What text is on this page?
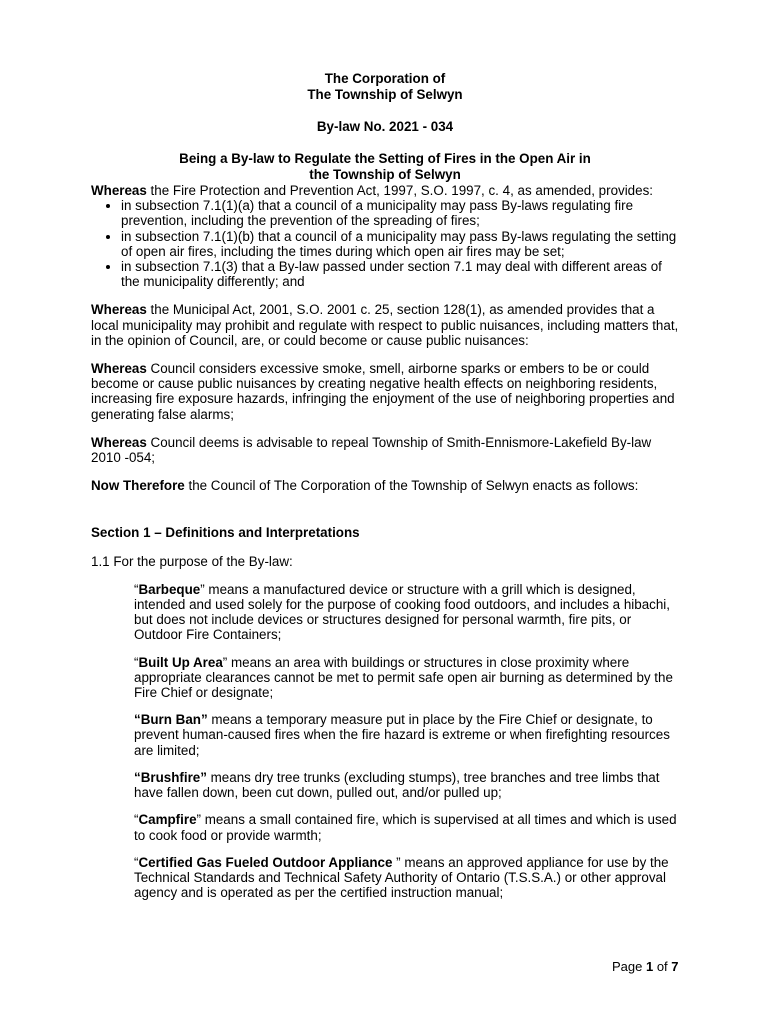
The Corporation of
The Township of Selwyn
By-law No. 2021 - 034
Being a By-law to Regulate the Setting of Fires in the Open Air in
the Township of Selwyn

Whereas the Fire Protection and Prevention Act, 1997, S.O. 1997, c. 4, as amended, provides:

• in subsection 7.1(1)(a) that a council of a municipality may pass By-laws regulating fire prevention, including the prevention of the spreading of fires;
• in subsection 7.1(1)(b) that a council of a municipality may pass By-laws regulating the setting of open air fires, including the times during which open air fires may be set;
• in subsection 7.1(3) that a By-law passed under section 7.1 may deal with different areas of the municipality differently; and

Whereas the Municipal Act, 2001, S.O. 2001 c. 25, section 128(1), as amended provides that a local municipality may prohibit and regulate with respect to public nuisances, including matters that, in the opinion of Council, are, or could become or cause public nuisances:

Whereas Council considers excessive smoke, smell, airborne sparks or embers to be or could become or cause public nuisances by creating negative health effects on neighboring residents, increasing fire exposure hazards, infringing the enjoyment of the use of neighboring properties and generating false alarms;

Whereas Council deems is advisable to repeal Township of Smith-Ennismore-Lakefield By-law 2010 -054;

Now Therefore the Council of The Corporation of the Township of Selwyn enacts as follows:

Section 1 – Definitions and Interpretations

1.1 For the purpose of the By-law:

“Barbeque” means a manufactured device or structure with a grill which is designed, intended and used solely for the purpose of cooking food outdoors, and includes a hibachi, but does not include devices or structures designed for personal warmth, fire pits, or Outdoor Fire Containers;
“Built Up Area” means an area with buildings or structures in close proximity where appropriate clearances cannot be met to permit safe open air burning as determined by the Fire Chief or designate;
“Burn Ban” means a temporary measure put in place by the Fire Chief or designate, to prevent human-caused fires when the fire hazard is extreme or when firefighting resources are limited;
“Brushfire” means dry tree trunks (excluding stumps), tree branches and tree limbs that have fallen down, been cut down, pulled out, and/or pulled up;
“Campfire” means a small contained fire, which is supervised at all times and which is used to cook food or provide warmth;
“Certified Gas Fueled Outdoor Appliance ” means an approved appliance for use by the Technical Standards and Technical Safety Authority of Ontario (T.S.S.A.) or other approval agency and is operated as per the certified instruction manual;
Page 1 of 7
